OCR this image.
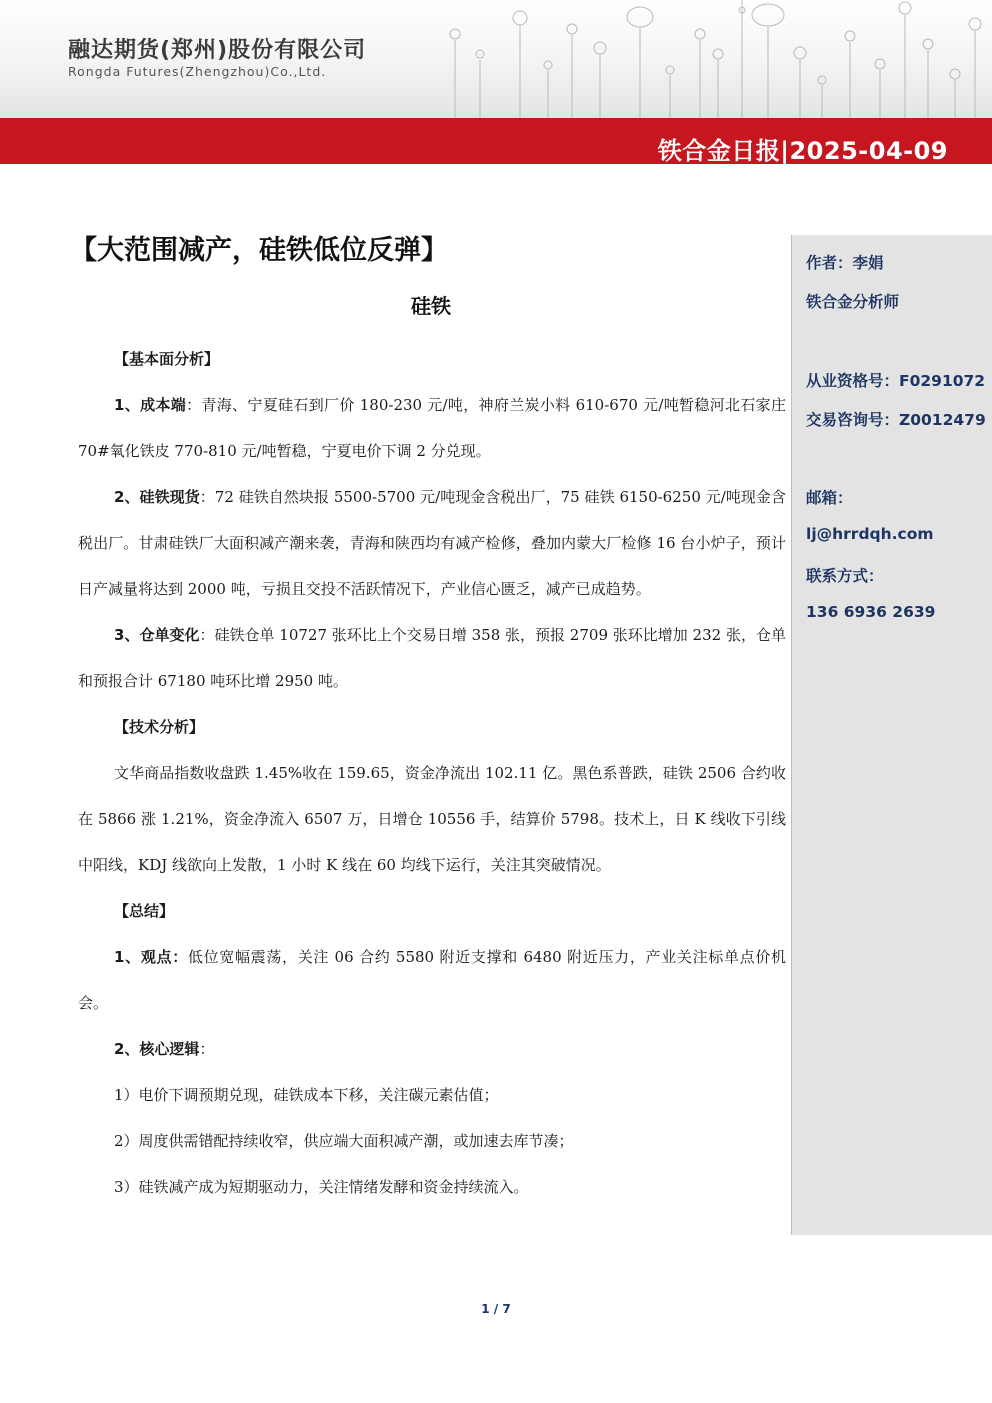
融达期货(郑州)股份有限公司
Rongda Futures(Zhengzhou)Co.,Ltd.
铁合金日报|2025-04-09
作者：李娟
铁合金分析师
从业资格号：F0291072
交易咨询号：Z0012479
邮箱：
lj@hrrdqh.com
联系方式：
136 6936 2639
【大范围减产，硅铁低位反弹】
硅铁

【基本面分析】

1、成本端：青海、宁夏硅石到厂价 180-230 元/吨，神府兰炭小料 610-670 元/吨暂稳河北石家庄 70#氧化铁皮 770-810 元/吨暂稳，宁夏电价下调 2 分兑现。

2、硅铁现货：72 硅铁自然块报 5500-5700 元/吨现金含税出厂，75 硅铁 6150-6250 元/吨现金含税出厂。甘肃硅铁厂大面积减产潮来袭，青海和陕西均有减产检修，叠加内蒙大厂检修 16 台小炉子，预计日产减量将达到 2000 吨，亏损且交投不活跃情况下，产业信心匮乏，减产已成趋势。

3、仓单变化：硅铁仓单 10727 张环比上个交易日增 358 张，预报 2709 张环比增加 232 张，仓单和预报合计 67180 吨环比增 2950 吨。

【技术分析】

文华商品指数收盘跌 1.45%收在 159.65，资金净流出 102.11 亿。黑色系普跌，硅铁 2506 合约收在 5866 涨 1.21%，资金净流入 6507 万，日增仓 10556 手，结算价 5798。技术上，日 K 线收下引线中阳线，KDJ 线欲向上发散，1 小时 K 线在 60 均线下运行，关注其突破情况。

【总结】

1、观点：低位宽幅震荡，关注 06 合约 5580 附近支撑和 6480 附近压力，产业关注标单点价机会。

2、核心逻辑：

1）电价下调预期兑现，硅铁成本下移，关注碳元素估值；

2）周度供需错配持续收窄，供应端大面积减产潮，或加速去库节凑；

3）硅铁减产成为短期驱动力，关注情绪发酵和资金持续流入。

1 / 7
